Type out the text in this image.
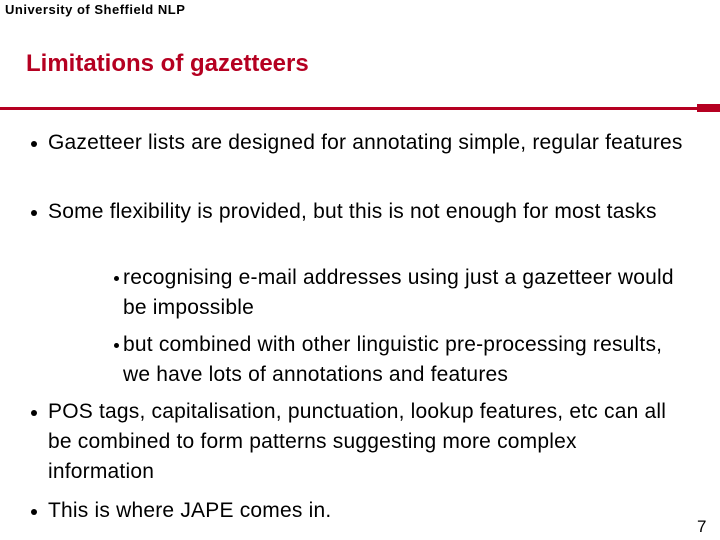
University of Sheffield NLP
Limitations of gazetteers
Gazetteer lists are designed for annotating simple, regular features
Some flexibility is provided, but this is not enough for most tasks
recognising e-mail addresses using just a gazetteer would be impossible
but combined with other linguistic pre-processing results, we have lots of annotations and features
POS tags, capitalisation, punctuation, lookup features, etc can all be combined to form patterns suggesting more complex information
This is where JAPE comes in.
7
